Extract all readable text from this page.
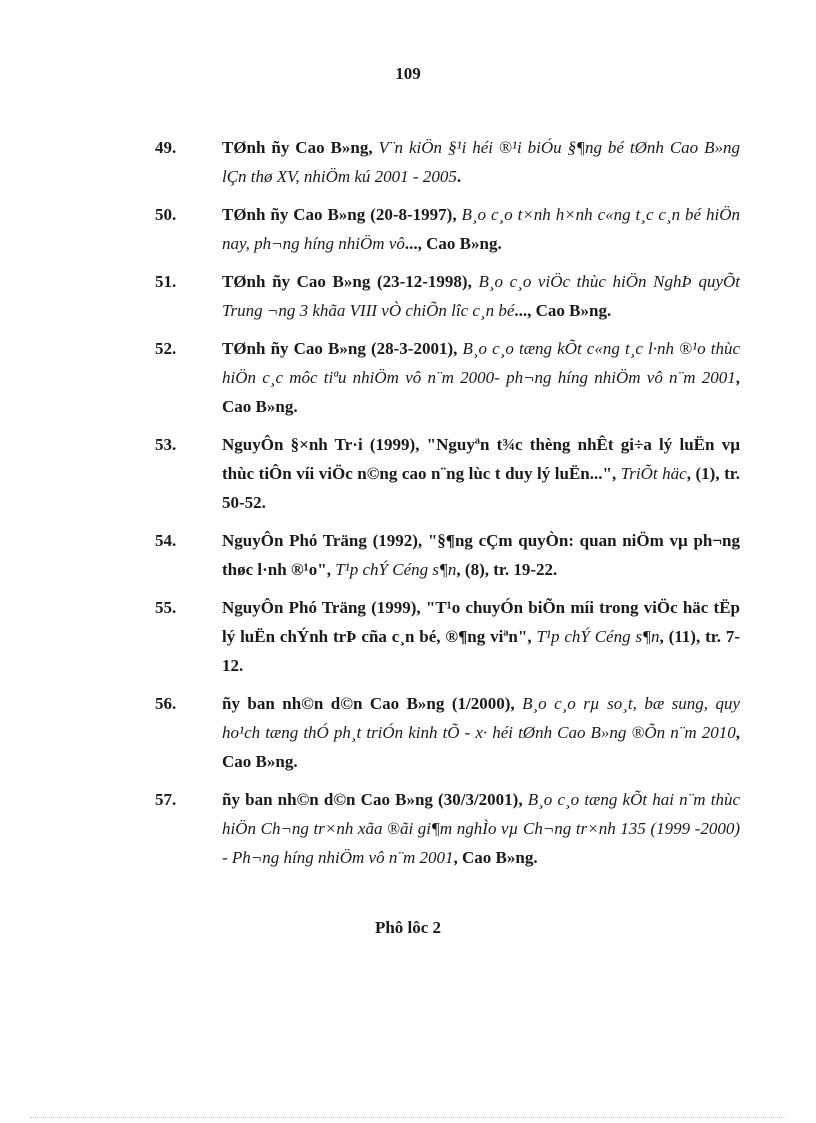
109
49.	TØnh ñy Cao B»ng, V¨n kiÖn §¹i héi ®¹i biÓu §¶ng bé tØnh Cao B»ng lÇn thø XV, nhiÖm kú 2001 - 2005.
50.	TØnh ñy Cao B»ng (20-8-1997), B¸o c¸o t×nh h×nh c«ng t¸c c¸n bé hiÖn nay, ph¬ng híng nhiÖm vô..., Cao B»ng.
51.	TØnh ñy Cao B»ng (23-12-1998), B¸o c¸o viÖc thùc hiÖn NghÞ quyÕt Trung ¬ng 3 khãa VIII vÒ chiÕn lîc c¸n bé..., Cao B»ng.
52.	TØnh ñy Cao B»ng (28-3-2001), B¸o c¸o tæng kÕt c«ng t¸c l·nh ®¹o thùc hiÖn c¸c môc tiªu nhiÖm vô n¨m 2000- ph¬ng híng nhiÖm vô n¨m 2001, Cao B»ng.
53.	NguyÔn §×nh Tr·i (1999), "Nguyªn t¾c thèng nhÊt gi÷a lý luËn vµ thùc tiÔn víi viÖc n©ng cao n¨ng lùc t duy lý luËn...", TriÕt häc, (1), tr. 50-52.
54.	NguyÔn Phó Träng (1992), "§¶ng cÇm quyÒn: quan niÖm vµ ph¬ng thøc l·nh ®¹o", T¹p chÝ Céng s¶n, (8), tr. 19-22.
55.	NguyÔn Phó Träng (1999), "T¹o chuyÓn biÕn míi trong viÖc häc tËp lý luËn chÝnh trÞ cña c¸n bé, ®¶ng viªn", T¹p chÝ Céng s¶n, (11), tr. 7-12.
56.	ñy ban nh©n d©n Cao B»ng (1/2000), B¸o c¸o rµ so¸t, bæ sung, quy ho¹ch tæng thÓ ph¸t triÓn kinh tÕ - x· héi tØnh Cao B»ng ®Õn n¨m 2010, Cao B»ng.
57.	ñy ban nh©n d©n Cao B»ng (30/3/2001), B¸o c¸o tæng kÕt hai n¨m thùc hiÖn Ch¬ng tr×nh xãa ®ãi gi¶m nghÌo vµ Ch¬ng tr×nh 135 (1999 -2000) - Ph¬ng híng nhiÖm vô n¨m 2001, Cao B»ng.
Phô lôc 2
